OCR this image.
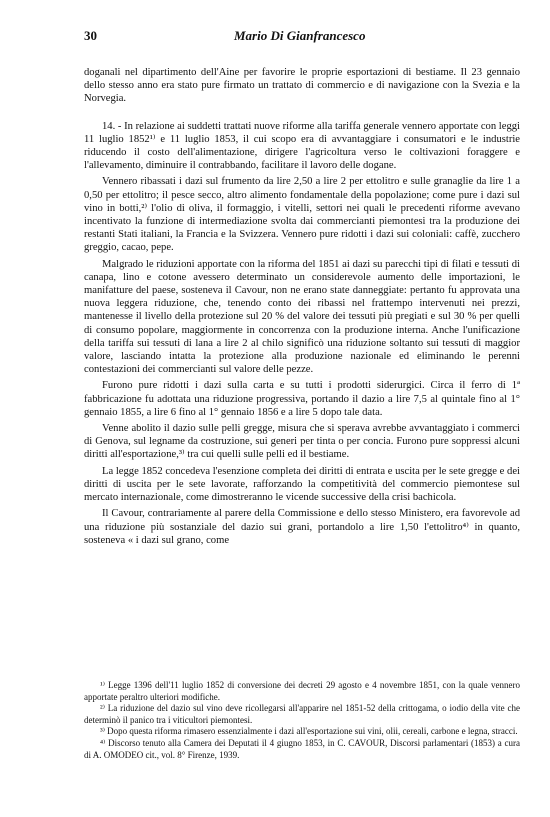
30	Mario Di Gianfrancesco

doganali nel dipartimento dell'Aine per favorire le proprie esportazioni di bestiame. Il 23 gennaio dello stesso anno era stato pure firmato un trattato di commercio e di navigazione con la Svezia e la Norvegia.

14. - In relazione ai suddetti trattati nuove riforme alla tariffa generale vennero apportate con leggi 11 luglio 1852¹⁾ e 11 luglio 1853, il cui scopo era di avvantaggiare i consumatori e le industrie riducendo il costo dell'alimentazione, dirigere l'agricoltura verso le coltivazioni foraggere e l'allevamento, diminuire il contrabbando, facilitare il lavoro delle dogane.

Vennero ribassati i dazi sul frumento da lire 2,50 a lire 2 per ettolitro e sulle granaglie da lire 1 a 0,50 per ettolitro; il pesce secco, altro alimento fondamentale della popolazione; come pure i dazi sul vino in botti,²⁾ l'olio di oliva, il formaggio, i vitelli, settori nei quali le precedenti riforme avevano incentivato la funzione di intermediazione svolta dai commercianti piemontesi tra la produzione dei restanti Stati italiani, la Francia e la Svizzera. Vennero pure ridotti i dazi sui coloniali: caffè, zucchero greggio, cacao, pepe.

Malgrado le riduzioni apportate con la riforma del 1851 ai dazi su parecchi tipi di filati e tessuti di canapa, lino e cotone avessero determinato un considerevole aumento delle importazioni, le manifatture del paese, sosteneva il Cavour, non ne erano state danneggiate: pertanto fu approvata una nuova leggera riduzione, che, tenendo conto dei ribassi nel frattempo intervenuti nei prezzi, mantenesse il livello della protezione sul 20 % del valore dei tessuti più pregiati e sul 30 % per quelli di consumo popolare, maggiormente in concorrenza con la produzione interna. Anche l'unificazione della tariffa sui tessuti di lana a lire 2 al chilo significò una riduzione soltanto sui tessuti di maggior valore, lasciando intatta la protezione alla produzione nazionale ed eliminando le perenni contestazioni dei commercianti sul valore delle pezze.

Furono pure ridotti i dazi sulla carta e su tutti i prodotti siderurgici. Circa il ferro di 1ª fabbricazione fu adottata una riduzione progressiva, portando il dazio a lire 7,5 al quintale fino al 1° gennaio 1855, a lire 6 fino al 1° gennaio 1856 e a lire 5 dopo tale data.

Venne abolito il dazio sulle pelli gregge, misura che si sperava avrebbe avvantaggiato i commerci di Genova, sul legname da costruzione, sui generi per tinta o per concia. Furono pure soppressi alcuni diritti all'esportazione,³⁾ tra cui quelli sulle pelli ed il bestiame.

La legge 1852 concedeva l'esenzione completa dei diritti di entrata e uscita per le sete gregge e dei diritti di uscita per le sete lavorate, rafforzando la competitività del commercio piemontese sul mercato internazionale, come dimostreranno le vicende successive della crisi bachicola.

Il Cavour, contrariamente al parere della Commissione e dello stesso Ministero, era favorevole ad una riduzione più sostanziale del dazio sui grani, portandolo a lire 1,50 l'ettolitro⁴⁾ in quanto, sosteneva « i dazi sul grano, come

¹⁾ Legge 1396 dell'11 luglio 1852 di conversione dei decreti 29 agosto e 4 novembre 1851, con la quale vennero apportate peraltro ulteriori modifiche.

²⁾ La riduzione del dazio sul vino deve ricollegarsi all'apparire nel 1851-52 della crittogama, o iodio della vite che determinò il panico tra i viticultori piemontesi.

³⁾ Dopo questa riforma rimasero essenzialmente i dazi all'esportazione sui vini, olii, cereali, carbone e legna, stracci.

⁴⁾ Discorso tenuto alla Camera dei Deputati il 4 giugno 1853, in C. CAVOUR, Discorsi parlamentari (1853) a cura di A. OMODEO cit., vol. 8° Firenze, 1939.
